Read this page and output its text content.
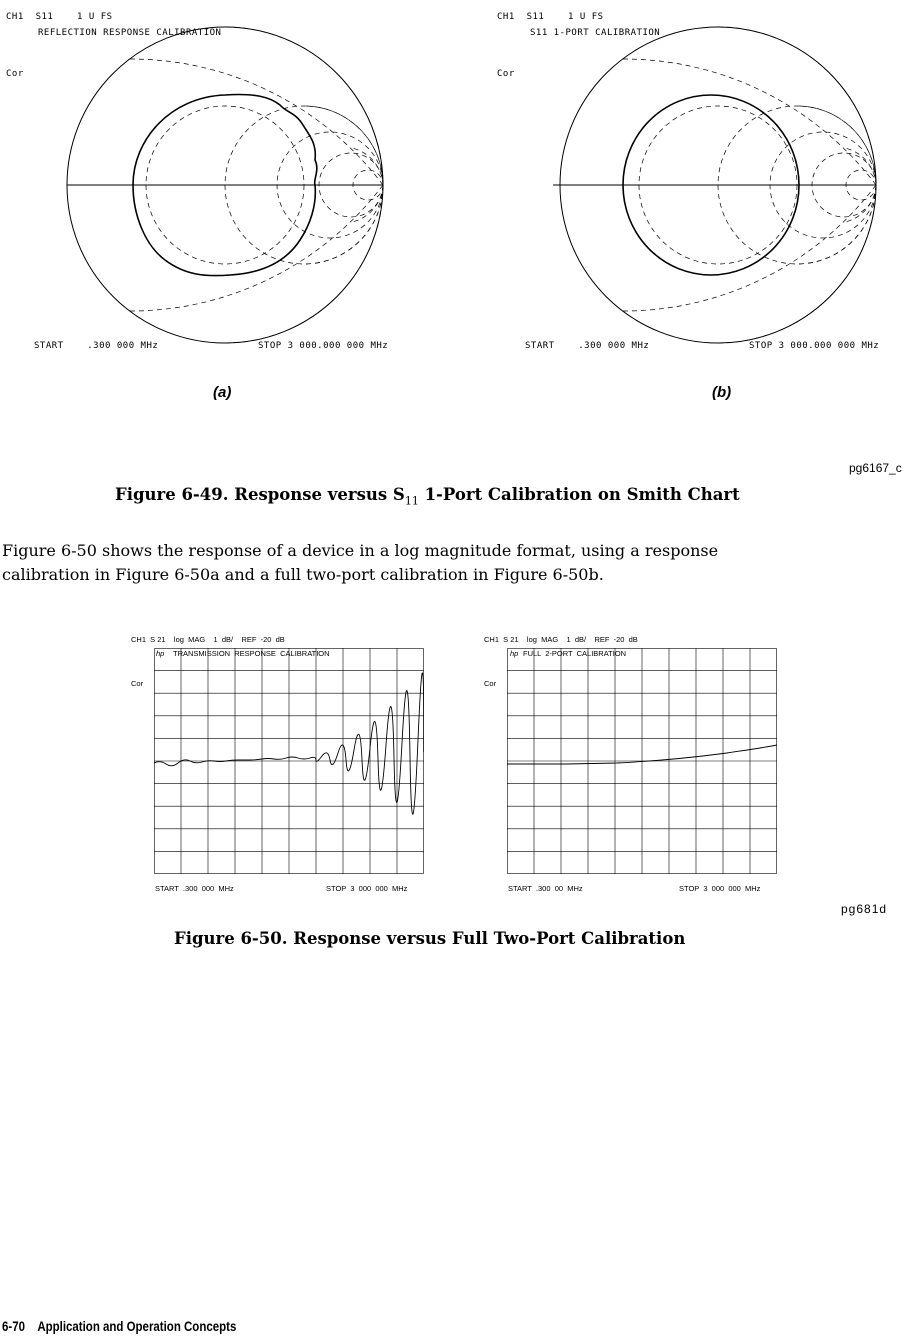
CH1  S11    1 U FS
REFLECTION RESPONSE CALIBRATION
Cor
START    .300 000 MHz	STOP 3 000.000 000 MHz
(a)
CH1  S11    1 U FS
S11 1-PORT CALIBRATION
Cor
START    .300 000 MHz	STOP 3 000.000 000 MHz
(b)
pg6167_c
Figure 6-49. Response versus $S_{11}$ 1-Port Calibration on Smith Chart
Figure 6-50 shows the response of a device in a log magnitude format, using a response
calibration in Figure 6-50a and a full two-port calibration in Figure 6-50b.
CH1  S 21    log  MAG    1  dB/    REF  -20  dB
hp TRANSMISSION  RESPONSE  CALIBRATION
Cor
START  .300  000  MHz	STOP  3  000  000  MHz
CH1  S 21    log  MAG    1  dB/    REF  -20  dB
hp FULL  2-PORT  CALIBRATION
Cor
START  .300  00  MHz	STOP  3  000  000  MHz
pg681d
Figure 6-50. Response versus Full Two-Port Calibration
6-70 Application and Operation Concepts
